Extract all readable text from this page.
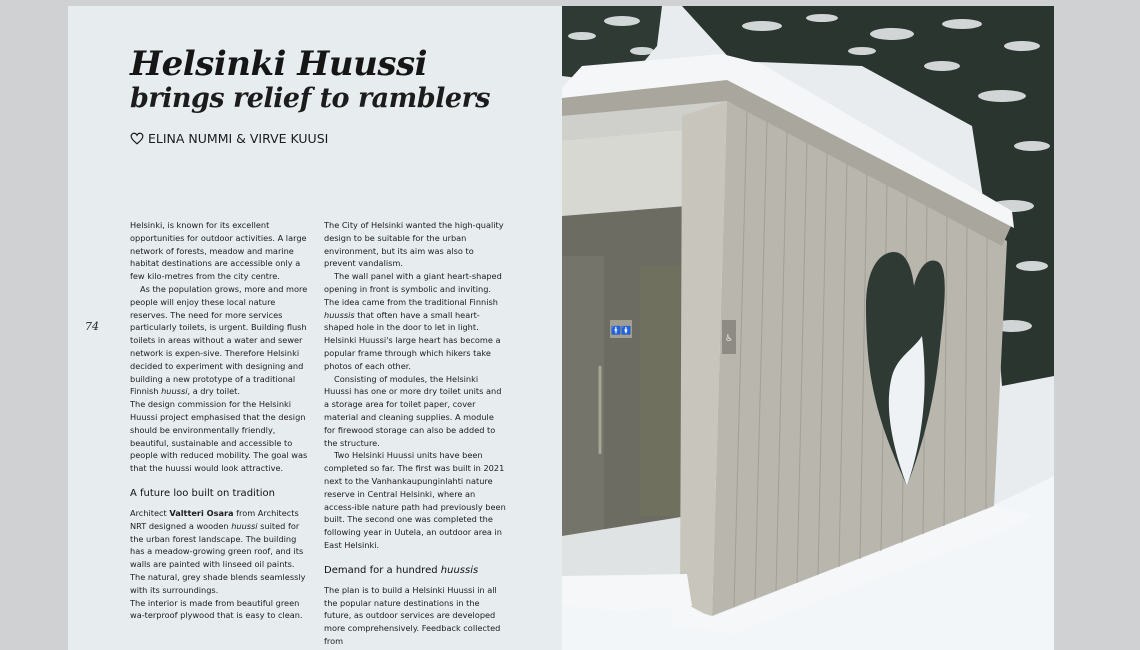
Helsinki Huussi
brings relief to ramblers
ELINA NUMMI & VIRVE KUUSI
74

Helsinki, is known for its excellent opportunities for outdoor activities. A large network of forests, meadow and marine habitat destinations are accessible only a few kilo-metres from the city centre.

As the population grows, more and more people will enjoy these local nature reserves. The need for more services particularly toilets, is urgent. Building flush toilets in areas without a water and sewer network is expen-sive. Therefore Helsinki decided to experiment with designing and building a new prototype of a traditional Finnish huussi, a dry toilet.

The design commission for the Helsinki Huussi project emphasised that the design should be environmentally friendly, beautiful, sustainable and accessible to people with reduced mobility. The goal was that the huussi would look attractive.

A future loo built on tradition

Architect Valtteri Osara from Architects NRT designed a wooden huussi suited for the urban forest landscape. The building has a meadow-growing green roof, and its walls are painted with linseed oil paints. The natural, grey shade blends seamlessly with its surroundings.

The interior is made from beautiful green wa-terproof plywood that is easy to clean.

The City of Helsinki wanted the high-quality design to be suitable for the urban environment, but its aim was also to prevent vandalism.

The wall panel with a giant heart-shaped opening in front is symbolic and inviting. The idea came from the traditional Finnish huussis that often have a small heart-shaped hole in the door to let in light. Helsinki Huussi's large heart has become a popular frame through which hikers take photos of each other.

Consisting of modules, the Helsinki Huussi has one or more dry toilet units and a storage area for toilet paper, cover material and cleaning supplies. A module for firewood storage can also be added to the structure.

Two Helsinki Huussi units have been completed so far. The first was built in 2021 next to the Vanhankaupunginlahti nature reserve in Central Helsinki, where an access-ible nature path had previously been built. The second one was completed the following year in Uutela, an outdoor area in East Helsinki.

Demand for a hundred huussis

The plan is to build a Helsinki Huussi in all the popular nature destinations in the future, as outdoor services are developed more comprehensively. Feedback collected from

🚹🚺
♿
